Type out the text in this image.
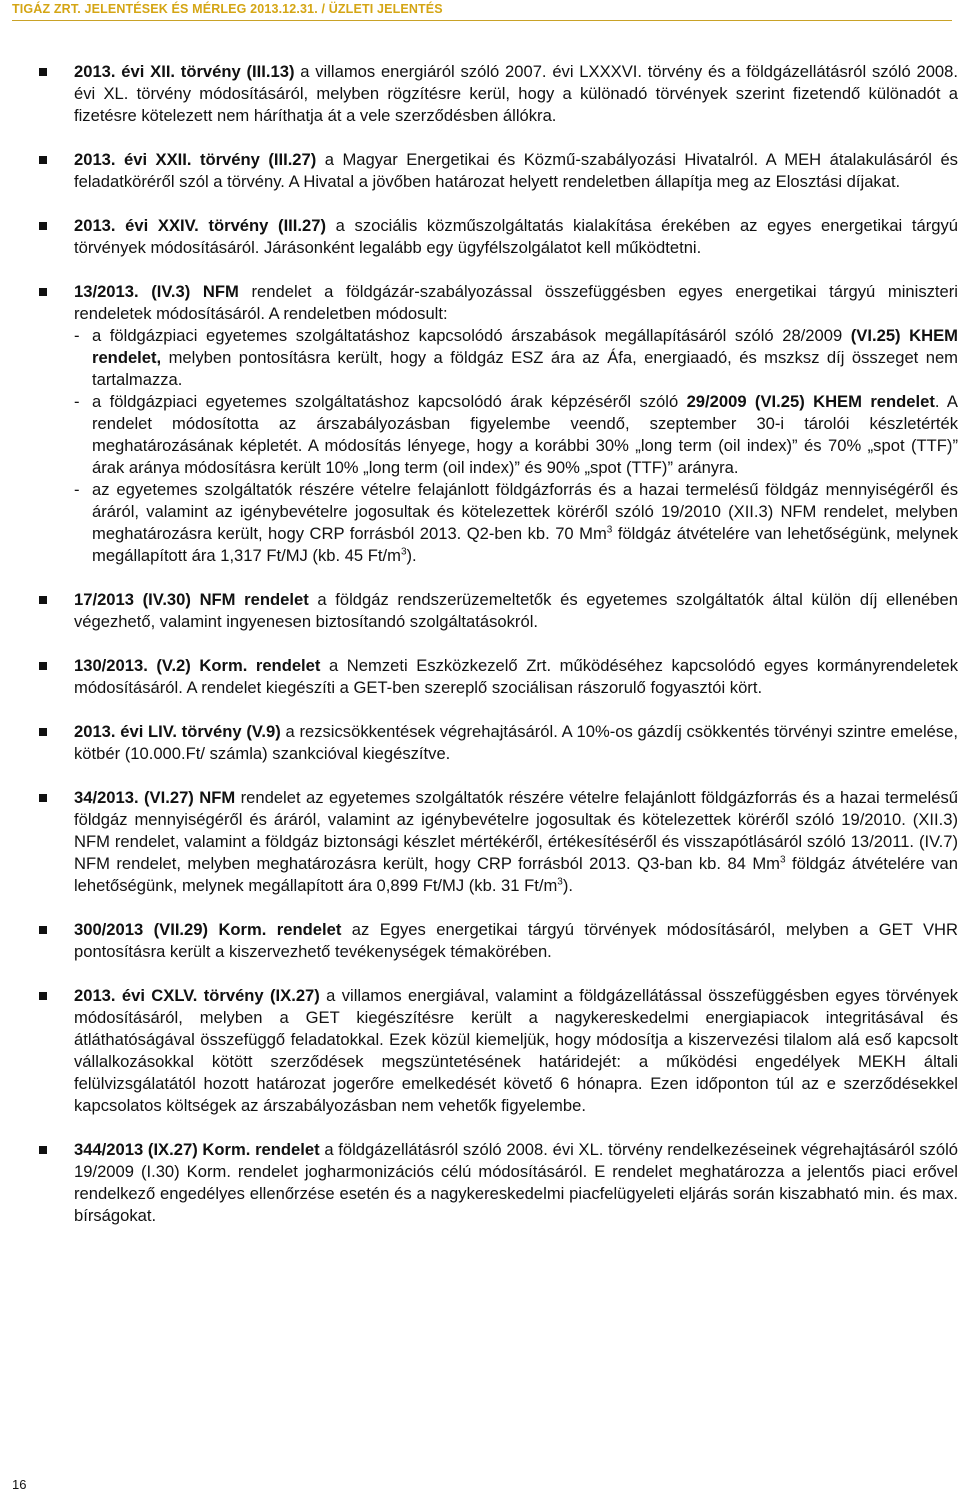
TIGÁZ ZRT. JELENTÉSEK ÉS MÉRLEG 2013.12.31. / ÜZLETI JELENTÉS

2013. évi XII. törvény (III.13) a villamos energiáról szóló 2007. évi LXXXVI. törvény és a földgázellátásról szóló 2008. évi XL. törvény módosításáról, melyben rögzítésre kerül, hogy a különadó törvények szerint fizetendő különadót a fizetésre kötelezett nem háríthatja át a vele szerződésben állókra.

2013. évi XXII. törvény (III.27) a Magyar Energetikai és Közmű-szabályozási Hivatalról. A MEH átalakulásáról és feladatköréről szól a törvény. A Hivatal a jövőben határozat helyett rendeletben állapítja meg az Elosztási díjakat.

2013. évi XXIV. törvény (III.27) a szociális közműszolgáltatás kialakítása érekében az egyes energetikai tárgyú törvények módosításáról. Járásonként legalább egy ügyfélszolgálatot kell működtetni.

13/2013. (IV.3) NFM rendelet a földgázár-szabályozással összefüggésben egyes energetikai tárgyú miniszteri rendeletek módosításáról. A rendeletben módosult:

- a földgázpiaci egyetemes szolgáltatáshoz kapcsolódó árszabások megállapításáról szóló 28/2009 (VI.25) KHEM rendelet, melyben pontosításra került, hogy a földgáz ESZ ára az Áfa, energiaadó, és mszksz díj összeget nem tartalmazza.
- a földgázpiaci egyetemes szolgáltatáshoz kapcsolódó árak képzéséről szóló 29/2009 (VI.25) KHEM rendelet. A rendelet módosította az árszabályozásban figyelembe veendő, szeptember 30-i tárolói készletérték meghatározásának képletét. A módosítás lényege, hogy a korábbi 30% „long term (oil index)” és 70% „spot (TTF)” árak aránya módosításra került 10% „long term (oil index)” és 90% „spot (TTF)” arányra.
- az egyetemes szolgáltatók részére vételre felajánlott földgázforrás és a hazai termelésű földgáz mennyiségéről és áráról, valamint az igénybevételre jogosultak és kötelezettek köréről szóló 19/2010 (XII.3) NFM rendelet, melyben meghatározásra került, hogy CRP forrásból 2013. Q2-ben kb. 70 Mm$^3$ földgáz átvételére van lehetőségünk, melynek megállapított ára 1,317 Ft/MJ (kb. 45 $Ft/m^3$).

17/2013 (IV.30) NFM rendelet a földgáz rendszerüzemeltetők és egyetemes szolgáltatók által külön díj ellenében végezhető, valamint ingyenesen biztosítandó szolgáltatásokról.

130/2013. (V.2) Korm. rendelet a Nemzeti Eszközkezelő Zrt. működéséhez kapcsolódó egyes kormányrendeletek módosításáról. A rendelet kiegészíti a GET-ben szereplő szociálisan rászorulő fogyasztói kört.

2013. évi LIV. törvény (V.9) a rezsicsökkentések végrehajtásáról. A 10%-os gázdíj csökkentés törvényi szintre emelése, kötbér (10.000.Ft/ számla) szankcióval kiegészítve.

34/2013. (VI.27) NFM rendelet az egyetemes szolgáltatók részére vételre felajánlott földgázforrás és a hazai termelésű földgáz mennyiségéről és áráról, valamint az igénybevételre jogosultak és kötelezettek köréről szóló 19/2010. (XII.3) NFM rendelet, valamint a földgáz biztonsági készlet mértékéről, értékesítéséről és visszapótlásáról szóló 13/2011. (IV.7) NFM rendelet, melyben meghatározásra került, hogy CRP forrásból 2013. Q3-ban kb. 84 Mm$^3$ földgáz átvételére van lehetőségünk, melynek megállapított ára 0,899 Ft/MJ (kb. 31 $Ft/m^3$).

300/2013 (VII.29) Korm. rendelet az Egyes energetikai tárgyú törvények módosításáról, melyben a GET VHR pontosításra került a kiszervezhető tevékenységek témakörében.

2013. évi CXLV. törvény (IX.27) a villamos energiával, valamint a földgázellátással összefüggésben egyes törvények módosításáról, melyben a GET kiegészítésre került a nagykereskedelmi energiapiacok integritásával és átláthatóságával összefüggő feladatokkal. Ezek közül kiemeljük, hogy módosítja a kiszervezési tilalom alá eső kapcsolt vállalkozásokkal kötött szerződések megszüntetésének határidejét: a működési engedélyek MEKH általi felülvizsgálatától hozott határozat jogerőre emelkedését követő 6 hónapra. Ezen időponton túl az e szerződésekkel kapcsolatos költségek az árszabályozásban nem vehetők figyelembe.

344/2013 (IX.27) Korm. rendelet a földgázellátásról szóló 2008. évi XL. törvény rendelkezéseinek végrehajtásáról szóló 19/2009 (I.30) Korm. rendelet jogharmonizációs célú módosításáról. E rendelet meghatározza a jelentős piaci erővel rendelkező engedélyes ellenőrzése esetén és a nagykereskedelmi piacfelügyeleti eljárás során kiszabható min. és max. bírságokat.

16
